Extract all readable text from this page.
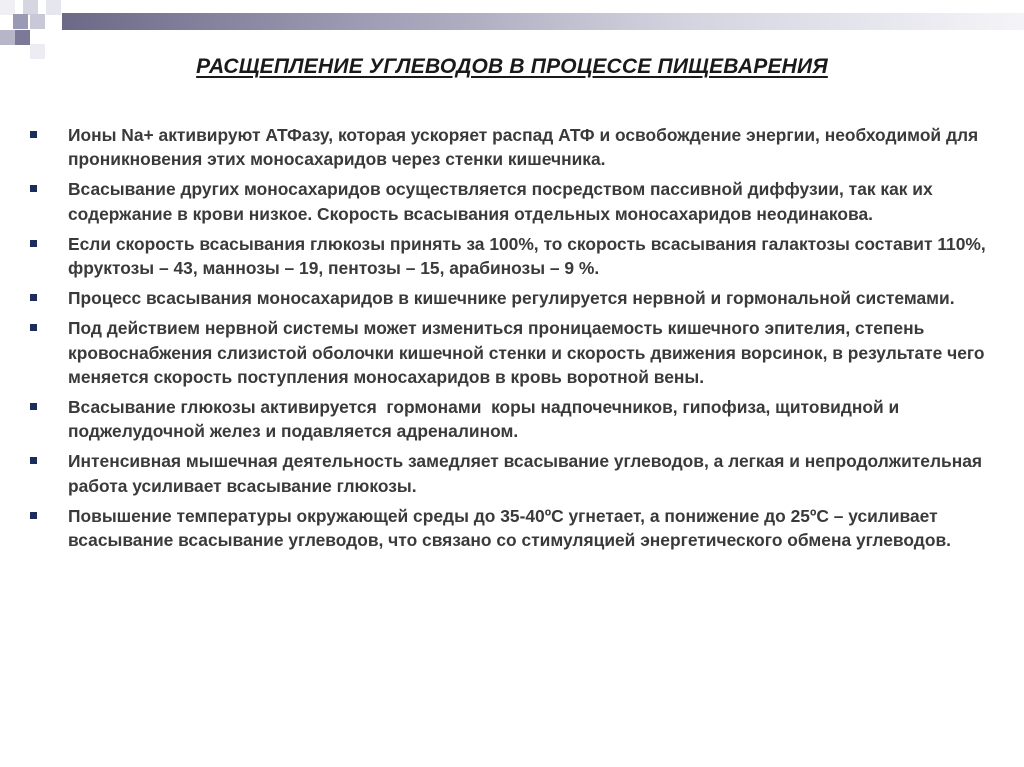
РАСЩЕПЛЕНИЕ УГЛЕВОДОВ В ПРОЦЕССЕ ПИЩЕВАРЕНИЯ
Ионы Na+ активируют АТФазу, которая ускоряет распад АТФ и освобождение энергии, необходимой для проникновения этих моносахаридов через стенки кишечника.
Всасывание других моносахаридов осуществляется посредством пассивной диффузии, так как их содержание в крови низкое. Скорость всасывания отдельных моносахаридов неодинакова.
Если скорость всасывания глюкозы принять за 100%, то скорость всасывания галактозы составит 110%, фруктозы – 43, маннозы – 19, пентозы – 15, арабинозы – 9 %.
Процесс всасывания моносахаридов в кишечнике регулируется нервной и гормональной системами.
Под действием нервной системы может измениться проницаемость кишечного эпителия, степень кровоснабжения слизистой оболочки кишечной стенки и скорость движения ворсинок, в результате чего меняется скорость поступления моносахаридов в кровь воротной вены.
Всасывание глюкозы активируется  гормонами  коры надпочечников, гипофиза, щитовидной и поджелудочной желез и подавляется адреналином.
Интенсивная мышечная деятельность замедляет всасывание углеводов, а легкая и непродолжительная работа усиливает всасывание глюкозы.
Повышение температуры окружающей среды до 35-40ºС угнетает, а понижение до 25ºС – усиливает всасывание всасывание углеводов, что связано со стимуляцией энергетического обмена углеводов.
